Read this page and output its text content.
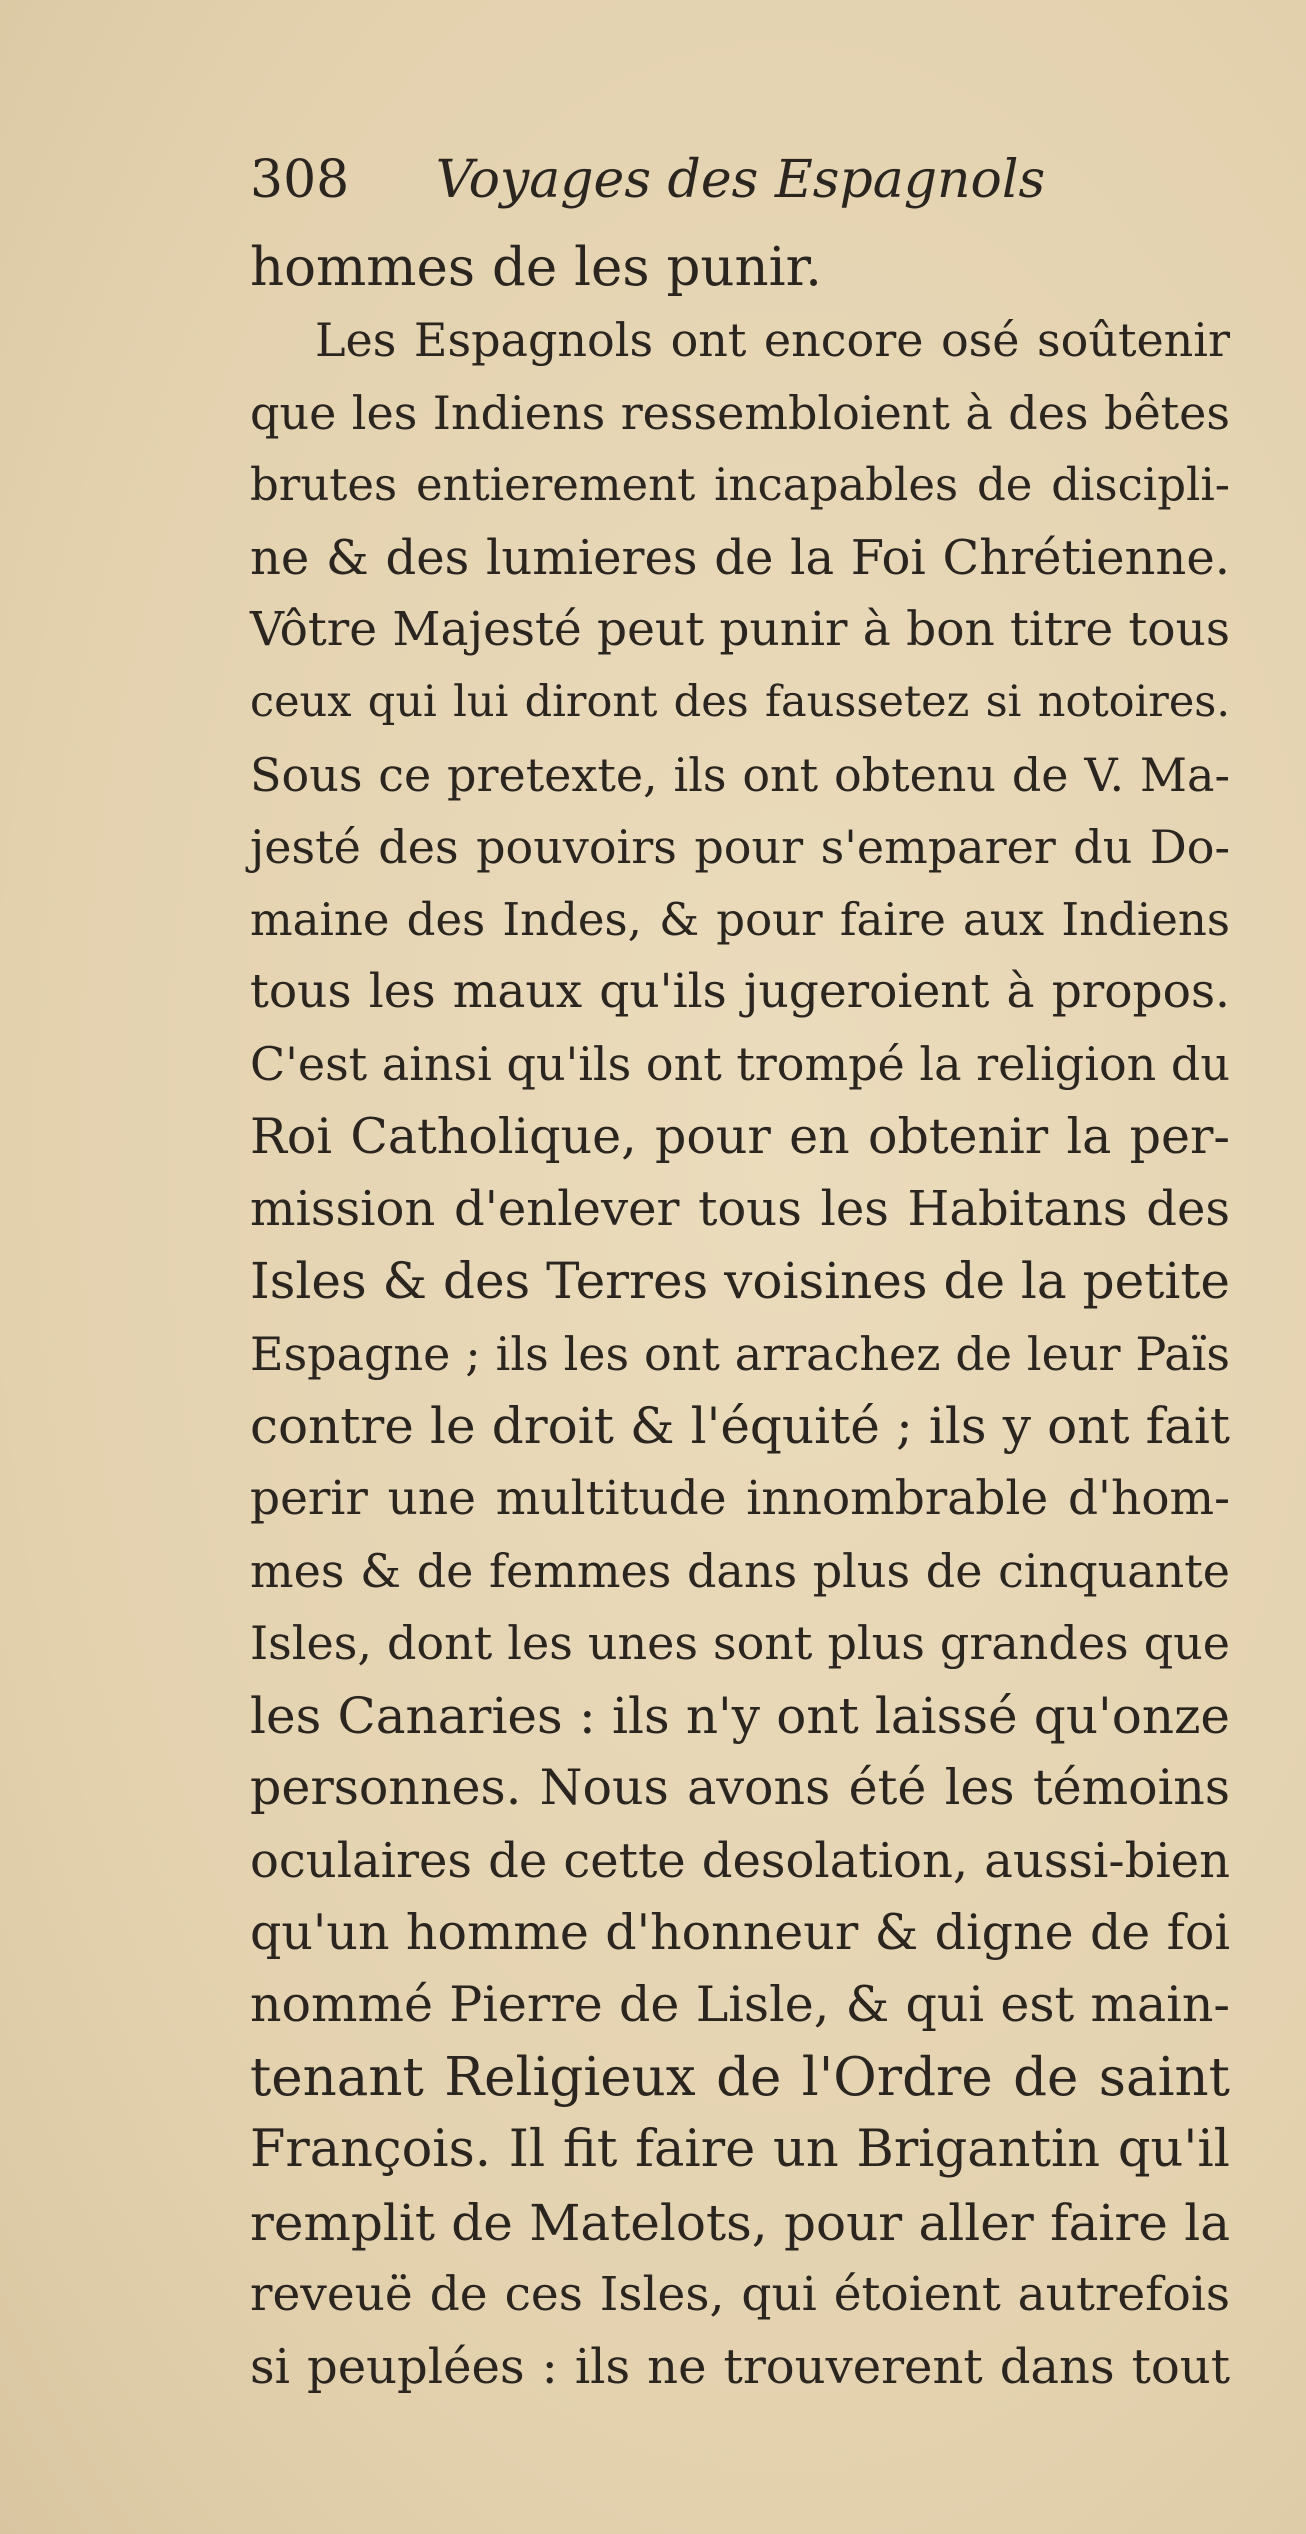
308 Voyages des Espagnols
hommes de les punir.
Les Espagnols ont encore osé soûtenir
que les Indiens ressembloient à des bêtes
brutes entierement incapables de discipli-
ne & des lumieres de la Foi Chrétienne.
Vôtre Majesté peut punir à bon titre tous
ceux qui lui diront des faussetez si notoires.
Sous ce pretexte, ils ont obtenu de V. Ma-
jesté des pouvoirs pour s'emparer du Do-
maine des Indes, & pour faire aux Indiens
tous les maux qu'ils jugeroient à propos.
C'est ainsi qu'ils ont trompé la religion du
Roi Catholique, pour en obtenir la per-
mission d'enlever tous les Habitans des
Isles & des Terres voisines de la petite
Espagne ; ils les ont arrachez de leur Païs
contre le droit & l'équité ; ils y ont fait
perir une multitude innombrable d'hom-
mes & de femmes dans plus de cinquante
Isles, dont les unes sont plus grandes que
les Canaries : ils n'y ont laissé qu'onze
personnes. Nous avons été les témoins
oculaires de cette desolation, aussi-bien
qu'un homme d'honneur & digne de foi
nommé Pierre de Lisle, & qui est main-
tenant Religieux de l'Ordre de saint
François. Il fit faire un Brigantin qu'il
remplit de Matelots, pour aller faire la
reveuë de ces Isles, qui étoient autrefois
si peuplées : ils ne trouverent dans tout
